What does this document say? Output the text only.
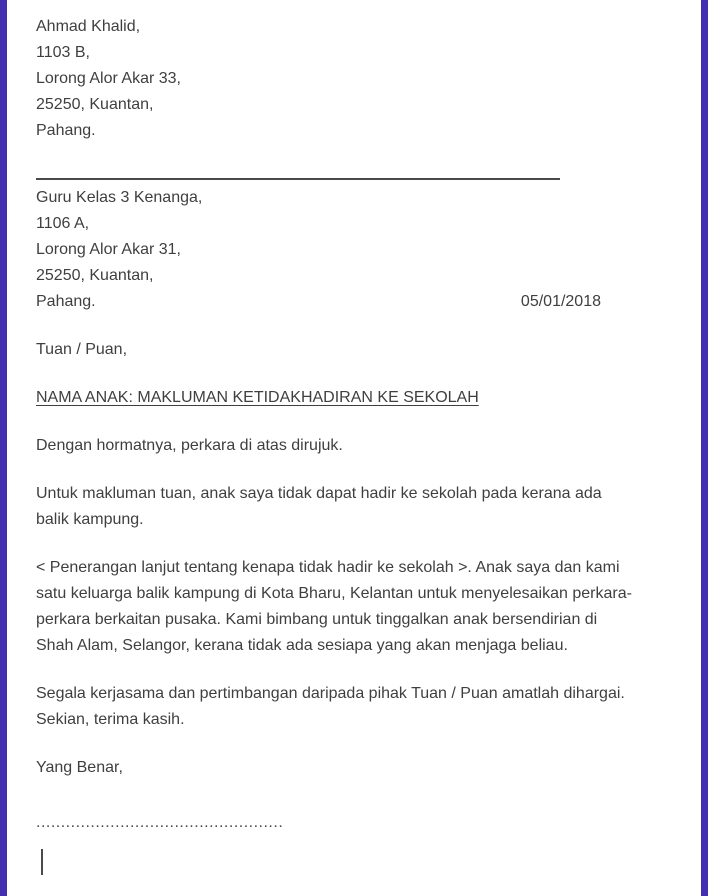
Ahmad Khalid,
1103 B,
Lorong Alor Akar 33,
25250, Kuantan,
Pahang.
Guru Kelas 3 Kenanga,
1106 A,
Lorong Alor Akar 31,
25250, Kuantan,
Pahang.	05/01/2018
Tuan / Puan,
NAMA ANAK: MAKLUMAN KETIDAKHADIRAN KE SEKOLAH

Dengan hormatnya, perkara di atas dirujuk.

Untuk makluman tuan, anak saya tidak dapat hadir ke sekolah pada kerana ada balik kampung.

< Penerangan lanjut tentang kenapa tidak hadir ke sekolah >. Anak saya dan kami satu keluarga balik kampung di Kota Bharu, Kelantan untuk menyelesaikan perkara-perkara berkaitan pusaka. Kami bimbang untuk tinggalkan anak bersendirian di Shah Alam, Selangor, kerana tidak ada sesiapa yang akan menjaga beliau.

Segala kerjasama dan pertimbangan daripada pihak Tuan / Puan amatlah dihargai. Sekian, terima kasih.

Yang Benar,
..................................................
